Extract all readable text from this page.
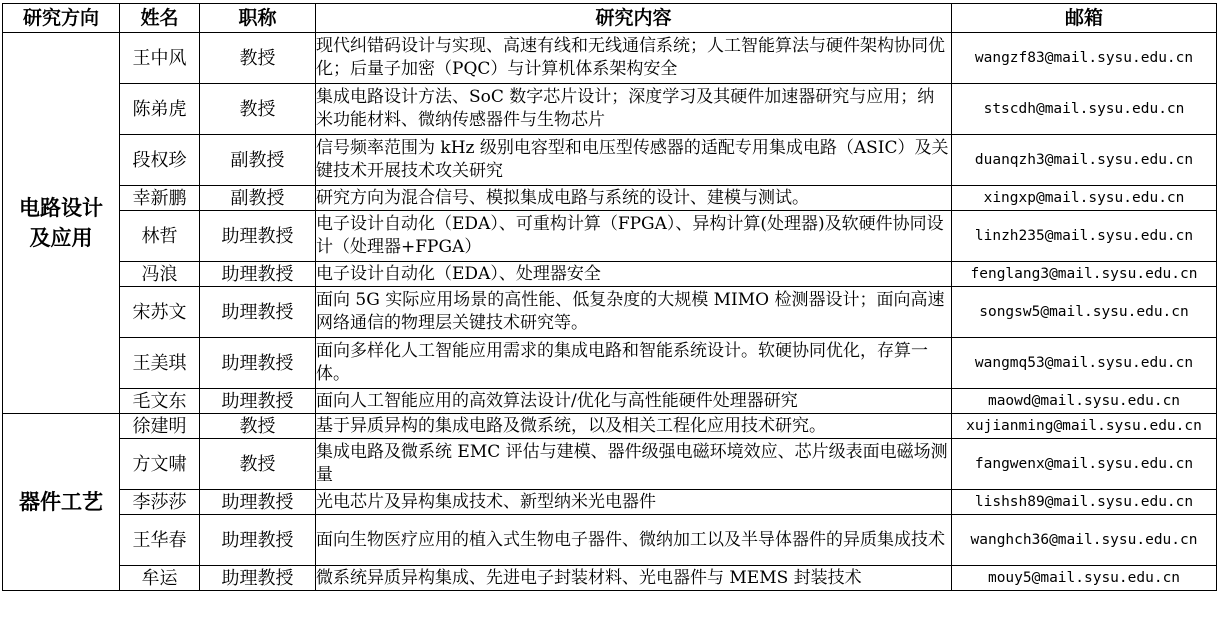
研究方向	姓名	职称	研究内容	邮箱

电路设计及应用	王中风	教授	现代纠错码设计与实现、高速有线和无线通信系统；人工智能算法与硬件架构协同优化；后量子加密（PQC）与计算机体系架构安全	wangzf83@mail.sysu.edu.cn
	陈弟虎	教授	集成电路设计方法、SoC 数字芯片设计；深度学习及其硬件加速器研究与应用；纳米功能材料、微纳传感器件与生物芯片	stscdh@mail.sysu.edu.cn
	段权珍	副教授	信号频率范围为 kHz 级别电容型和电压型传感器的适配专用集成电路（ASIC）及关键技术开展技术攻关研究	duanqzh3@mail.sysu.edu.cn
	幸新鹏	副教授	研究方向为混合信号、模拟集成电路与系统的设计、建模与测试。	xingxp@mail.sysu.edu.cn
	林哲	助理教授	电子设计自动化（EDA）、可重构计算（FPGA）、异构计算(处理器)及软硬件协同设计（处理器+FPGA）	linzh235@mail.sysu.edu.cn
	冯浪	助理教授	电子设计自动化（EDA）、处理器安全	fenglang3@mail.sysu.edu.cn
	宋苏文	助理教授	面向 5G 实际应用场景的高性能、低复杂度的大规模 MIMO 检测器设计；面向高速网络通信的物理层关键技术研究等。	songsw5@mail.sysu.edu.cn
	王美琪	助理教授	面向多样化人工智能应用需求的集成电路和智能系统设计。软硬协同优化，存算一体。	wangmq53@mail.sysu.edu.cn
	毛文东	助理教授	面向人工智能应用的高效算法设计/优化与高性能硬件处理器研究	maowd@mail.sysu.edu.cn

器件工艺	徐建明	教授	基于异质异构的集成电路及微系统，以及相关工程化应用技术研究。	xujianming@mail.sysu.edu.cn
	方文啸	教授	集成电路及微系统 EMC 评估与建模、器件级强电磁环境效应、芯片级表面电磁场测量	fangwenx@mail.sysu.edu.cn
	李莎莎	助理教授	光电芯片及异构集成技术、新型纳米光电器件	lishsh89@mail.sysu.edu.cn
	王华春	助理教授	面向生物医疗应用的植入式生物电子器件、微纳加工以及半导体器件的异质集成技术	wanghch36@mail.sysu.edu.cn
	牟运	助理教授	微系统异质异构集成、先进电子封装材料、光电器件与 MEMS 封装技术	mouy5@mail.sysu.edu.cn
